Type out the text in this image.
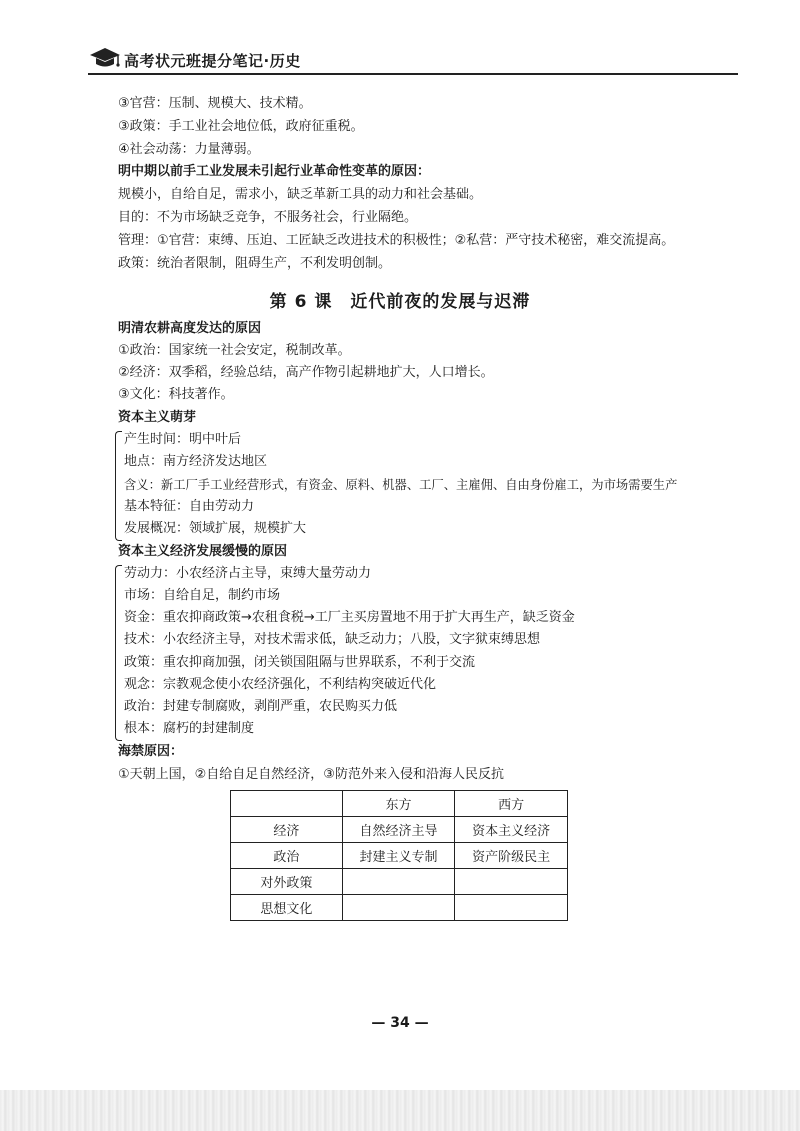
高考状元班提分笔记·历史
③官营：压制、规模大、技术精。
③政策：手工业社会地位低，政府征重税。
④社会动荡：力量薄弱。
明中期以前手工业发展未引起行业革命性变革的原因：
规模小，自给自足，需求小，缺乏革新工具的动力和社会基础。
目的：不为市场缺乏竞争，不服务社会，行业隔绝。
管理：①官营：束缚、压迫、工匠缺乏改进技术的积极性；②私营：严守技术秘密，难交流提高。
政策：统治者限制，阻碍生产，不利发明创制。
第 6 课　近代前夜的发展与迟滞
明清农耕高度发达的原因
①政治：国家统一社会安定，税制改革。
②经济：双季稻，经验总结，高产作物引起耕地扩大，人口增长。
③文化：科技著作。
资本主义萌芽
产生时间：明中叶后
地点：南方经济发达地区
含义：新工厂手工业经营形式，有资金、原料、机器、工厂、主雇佣、自由身份雇工，为市场需要生产
基本特征：自由劳动力
发展概况：领域扩展，规模扩大
资本主义经济发展缓慢的原因
劳动力：小农经济占主导，束缚大量劳动力
市场：自给自足，制约市场
资金：重农抑商政策→农租食税→工厂主买房置地不用于扩大再生产，缺乏资金
技术：小农经济主导，对技术需求低，缺乏动力；八股，文字狱束缚思想
政策：重农抑商加强，闭关锁国阻隔与世界联系，不利于交流
观念：宗教观念使小农经济强化，不利结构突破近代化
政治：封建专制腐败，剥削严重，农民购买力低
根本：腐朽的封建制度
海禁原因：
①天朝上国，②自给自足自然经济，③防范外来入侵和沿海人民反抗
	东方	西方
经济	自然经济主导	资本主义经济
政治	封建主义专制	资产阶级民主
对外政策		
思想文化		
— 34 —
